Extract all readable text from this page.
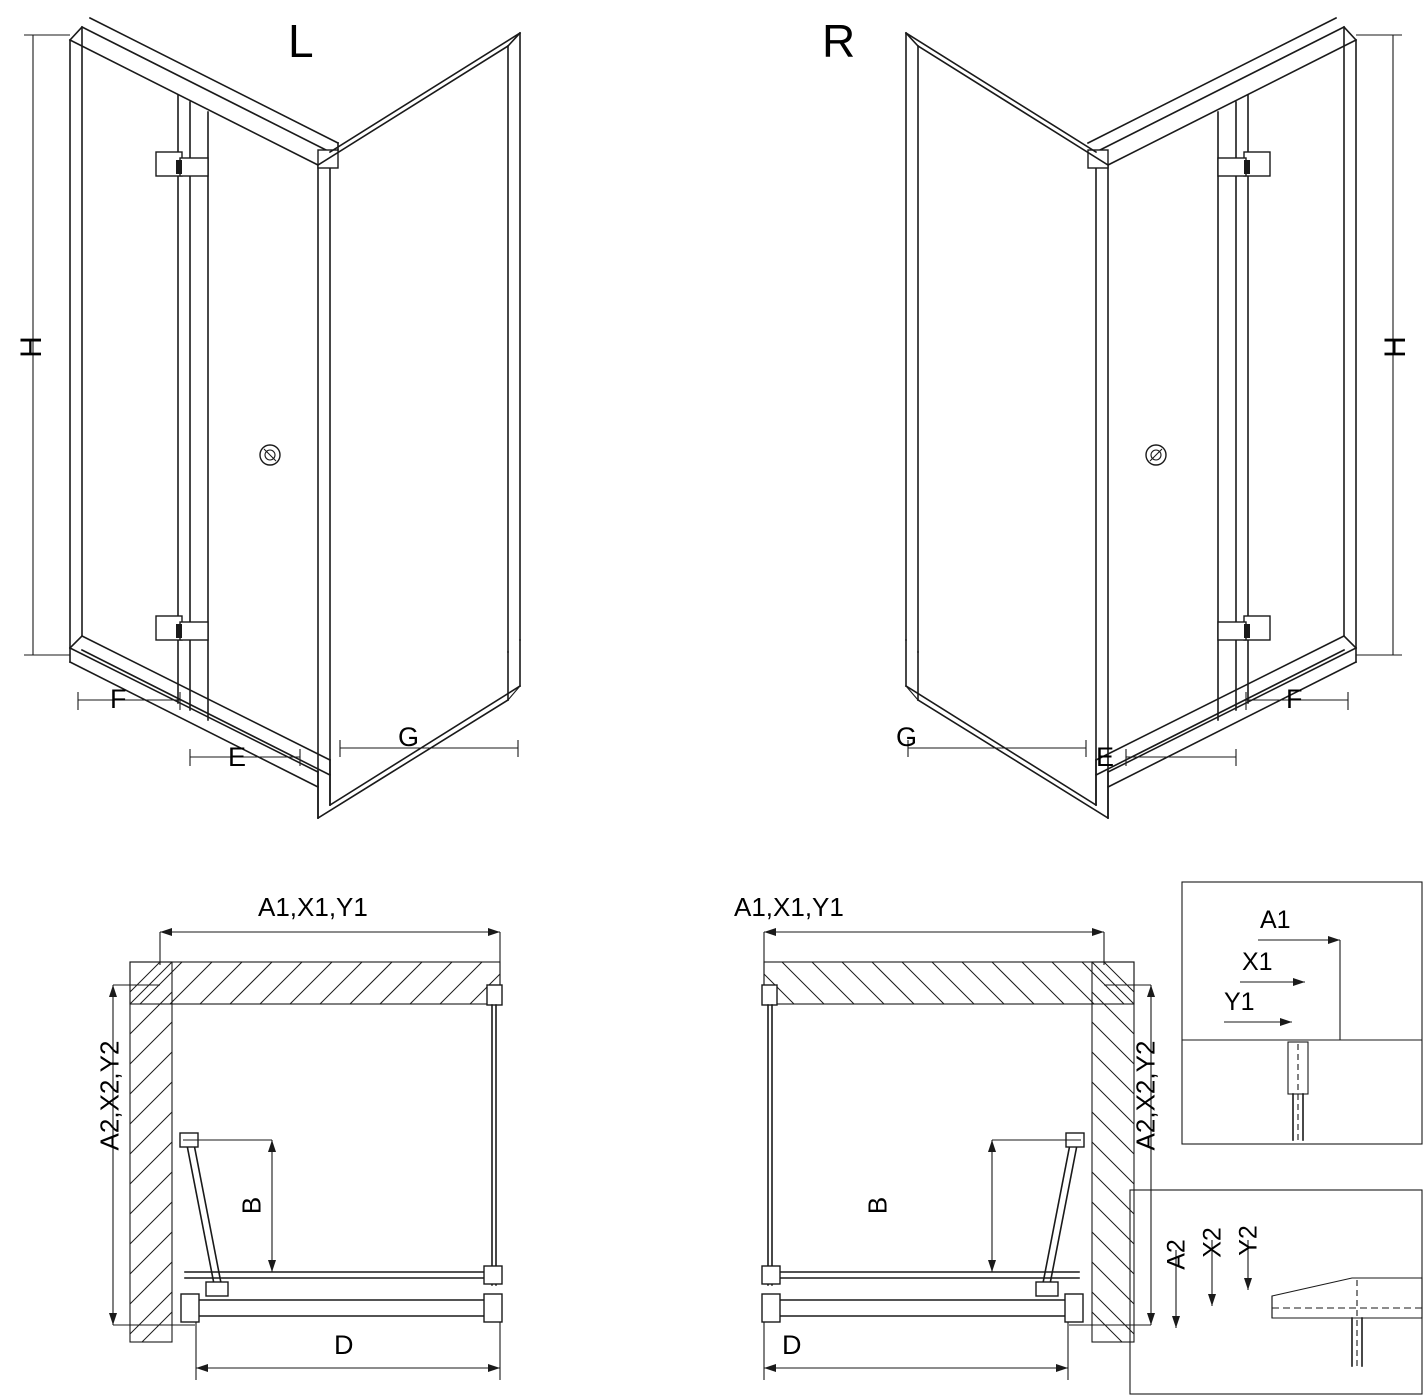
L	R
H	H
F
E
G
F
E
G
A1,X1,Y1
A2,X2,Y2
B
D
A1,X1,Y1
A2,X2,Y2
B
D
A1
X1
Y1
A2 X2 Y2
